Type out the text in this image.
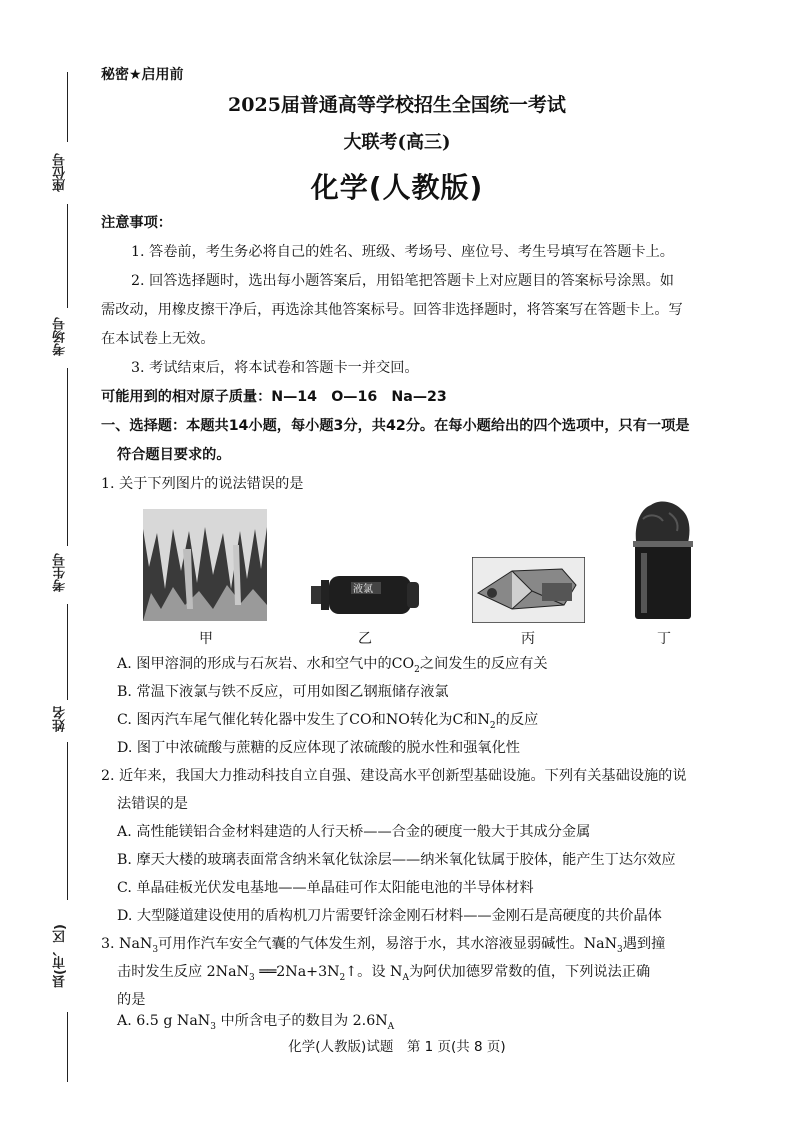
座位号
考场号
考生号
姓名
县(市、区)
秘密★启用前
2025届普通高等学校招生全国统一考试
大联考(高三)
化学(人教版)
注意事项：
1. 答卷前，考生务必将自己的姓名、班级、考场号、座位号、考生号填写在答题卡上。
2. 回答选择题时，选出每小题答案后，用铅笔把答题卡上对应题目的答案标号涂黑。如
需改动，用橡皮擦干净后，再选涂其他答案标号。回答非选择题时，将答案写在答题卡上。写
在本试卷上无效。
3. 考试结束后，将本试卷和答题卡一并交回。
可能用到的相对原子质量：N—14　O—16　Na—23
一、选择题：本题共14小题，每小题3分，共42分。在每小题给出的四个选项中，只有一项是
符合题目要求的。
1. 关于下列图片的说法错误的是
甲
液氯
乙	丙	丁
A. 图甲溶洞的形成与石灰岩、水和空气中的$CO_2$之间发生的反应有关
B. 常温下液氯与铁不反应，可用如图乙钢瓶储存液氯
C. 图丙汽车尾气催化转化器中发生了CO和NO转化为C和$N_2$的反应
D. 图丁中浓硫酸与蔗糖的反应体现了浓硫酸的脱水性和强氧化性
2. 近年来，我国大力推动科技自立自强、建设高水平创新型基础设施。下列有关基础设施的说
法错误的是
A. 高性能镁铝合金材料建造的人行天桥——合金的硬度一般大于其成分金属
B. 摩天大楼的玻璃表面常含纳米氧化钛涂层——纳米氧化钛属于胶体，能产生丁达尔效应
C. 单晶硅板光伏发电基地——单晶硅可作太阳能电池的半导体材料
D. 大型隧道建设使用的盾构机刀片需要钎涂金刚石材料——金刚石是高硬度的共价晶体
3. NaN$_3$可用作汽车安全气囊的气体发生剂，易溶于水，其水溶液显弱碱性。NaN$_3$遇到撞
击时发生反应 2NaN$_3$ $══2Na+3N_2↑$。设 $N_A$为阿伏加德罗常数的值，下列说法正确
的是
A. 6.5 g NaN$_3$ 中所含电子的数目为 $2.6N_A$
化学(人教版)试题　第 1 页(共 8 页)
